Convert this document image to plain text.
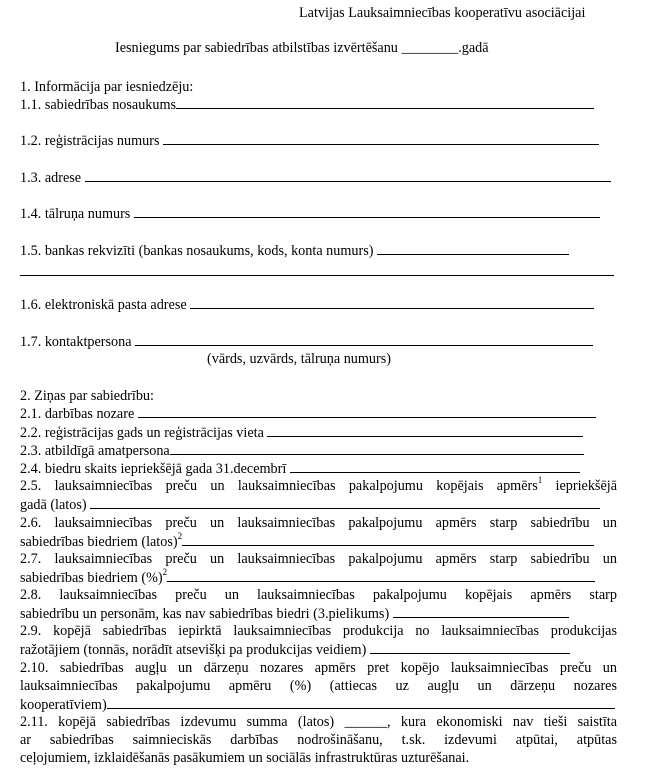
Latvijas Lauksaimniecības kooperatīvu asociācijai
Iesniegums par sabiedrības atbilstības izvērtēšanu ________.gadā
1. Informācija par iesniedzēju:
1.1. sabiedrības nosaukums
1.2. reģistrācijas numurs
1.3. adrese
1.4. tālruņa numurs
1.5. bankas rekvizīti (bankas nosaukums, kods, konta numurs)
1.6. elektroniskā pasta adrese
1.7. kontaktpersona
(vārds, uzvārds, tālruņa numurs)
2. Ziņas par sabiedrību:
2.1. darbības nozare
2.2. reģistrācijas gads un reģistrācijas vieta
2.3. atbildīgā amatpersona
2.4. biedru skaits iepriekšējā gada 31.decembrī
2.5. lauksaimniecības preču un lauksaimniecības pakalpojumu kopējais apmērs$^1$ iepriekšējā
gadā (latos)
2.6. lauksaimniecības preču un lauksaimniecības pakalpojumu apmērs starp sabiedrību un
sabiedrības biedriem (latos)$^2$
2.7. lauksaimniecības preču un lauksaimniecības pakalpojumu apmērs starp sabiedrību un
sabiedrības biedriem (%)$^2$
2.8. lauksaimniecības preču un lauksaimniecības pakalpojumu kopējais apmērs starp
sabiedrību un personām, kas nav sabiedrības biedri (3.pielikums)
2.9. kopējā sabiedrības iepirktā lauksaimniecības produkcija no lauksaimniecības produkcijas
ražotājiem (tonnās, norādīt atsevišķi pa produkcijas veidiem)
2.10. sabiedrības augļu un dārzeņu nozares apmērs pret kopējo lauksaimniecības preču un
lauksaimniecības pakalpojumu apmēru (%) (attiecas uz augļu un dārzeņu nozares
kooperatīviem)
2.11. kopējā sabiedrības izdevumu summa (latos) ______, kura ekonomiski nav tieši saistīta
ar sabiedrības saimnieciskās darbības nodrošināšanu, t.sk. izdevumi atpūtai, atpūtas
ceļojumiem, izklaidēšanās pasākumiem un sociālās infrastruktūras uzturēšanai.
